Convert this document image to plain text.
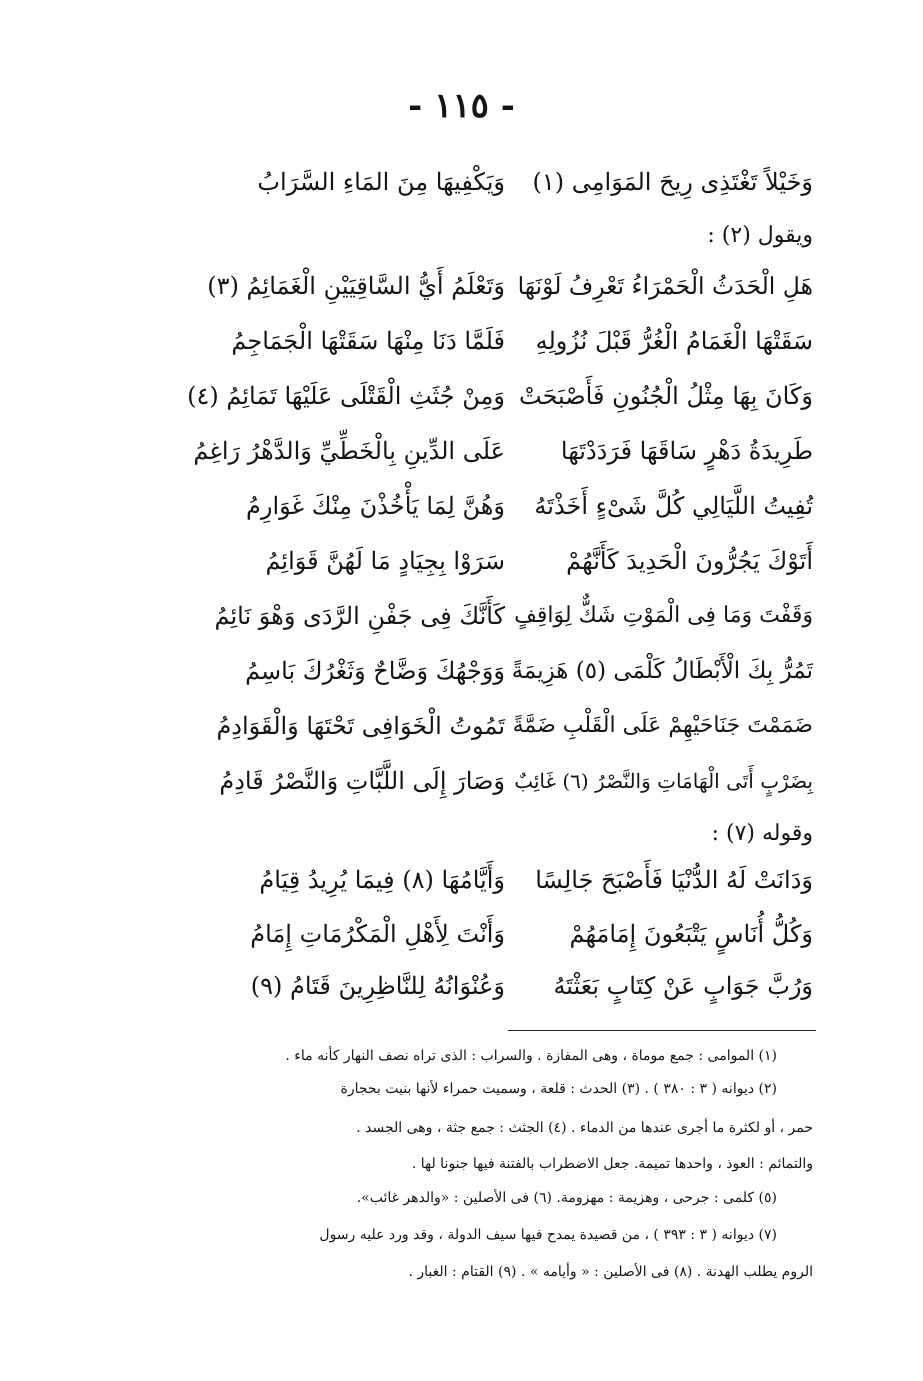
- ١١٥ -
وَخَيْلاً تَغْتَذِى رِيحَ المَوَامِى (١)
وَيَكْفِيهَا مِنَ المَاءِ السَّرَابُ
ويقول (٢) :
هَلِ الْحَدَثُ الْحَمْرَاءُ تَعْرِفُ لَوْنَهَا
وَتَعْلَمُ أَيُّ السَّاقِيَيْنِ الْغَمَائِمُ (٣)
سَقَتْهَا الْغَمَامُ الْغُرُّ قَبْلَ نُزُولِهِ
فَلَمَّا دَنَا مِنْهَا سَقَتْهَا الْجَمَاجِمُ
وَكَانَ بِهَا مِثْلُ الْجُنُونِ فَأَصْبَحَتْ
وَمِنْ جُثَثِ الْقَتْلَى عَلَيْهَا تَمَائِمُ (٤)
طَرِيدَةُ دَهْرٍ سَاقَهَا فَرَدَدْتَهَا
عَلَى الدِّينِ بِالْخَطِّيِّ وَالدَّهْرُ رَاغِمُ
تُفِيتُ اللَّيَالِي كُلَّ شَىْءٍ أَخَذْتَهُ
وَهُنَّ لِمَا يَأْخُذْنَ مِنْكَ غَوَارِمُ
أَتَوْكَ يَجُرُّونَ الْحَدِيدَ كَأَنَّهُمْ
سَرَوْا بِجِيَادٍ مَا لَهُنَّ قَوَائِمُ
وَقَفْتَ وَمَا فِى الْمَوْتِ شَكٌّ لِوَاقِفٍ
كَأَنَّكَ فِى جَفْنِ الرَّدَى وَهْوَ نَائِمُ
تَمُرُّ بِكَ الْأَبْطَالُ كَلْمَى (٥) هَزِيمَةً
وَوَجْهُكَ وَضَّاحٌ وَثَغْرُكَ بَاسِمُ
ضَمَمْتَ جَنَاحَيْهِمْ عَلَى الْقَلْبِ ضَمَّةً
تَمُوتُ الْخَوَافِى تَحْتَهَا وَالْقَوَادِمُ
بِضَرْبٍ أَتَى الْهَامَاتِ وَالنَّصْرُ (٦) غَائِبٌ
وَصَارَ إِلَى اللَّبَّاتِ وَالنَّصْرُ قَادِمُ
وقوله (٧) :
وَدَانَتْ لَهُ الدُّنْيَا فَأَصْبَحَ جَالِسًا
وَأَيَّامُهَا (٨) فِيمَا يُرِيدُ قِيَامُ
وَكُلُّ أُنَاسٍ يَتْبَعُونَ إِمَامَهُمْ
وَأَنْتَ لِأَهْلِ الْمَكْرُمَاتِ إِمَامُ
وَرُبَّ جَوَابٍ عَنْ كِتَابٍ بَعَثْتَهُ
وَعُنْوَانُهُ لِلنَّاظِرِينَ قَتَامُ (٩)
(١) الموامى : جمع موماة ، وهى المفازة . والسراب : الذى تراه نصف النهار كأنه ماء .
(٢) ديوانه ( ٣ : ٣٨٠ ) . (٣) الحدث : قلعة ، وسميت حمراء لأنها بنيت بحجارة
حمر ، أو لكثرة ما أجرى عندها من الدماء . (٤) الجثث : جمع جثة ، وهى الجسد .
والتمائم : العوذ ، واحدها تميمة. جعل الاضطراب بالفتنة فيها جنونا لها .
(٥) كلمى : جرحى ، وهزيمة : مهزومة. (٦) فى الأصلين : «والدهر غائب».
(٧) ديوانه ( ٣ : ٣٩٣ ) ، من قصيدة يمدح فيها سيف الدولة ، وقد ورد عليه رسول
الروم يطلب الهدنة . (٨) فى الأصلين : « وأيامه » . (٩) القتام : الغبار .
